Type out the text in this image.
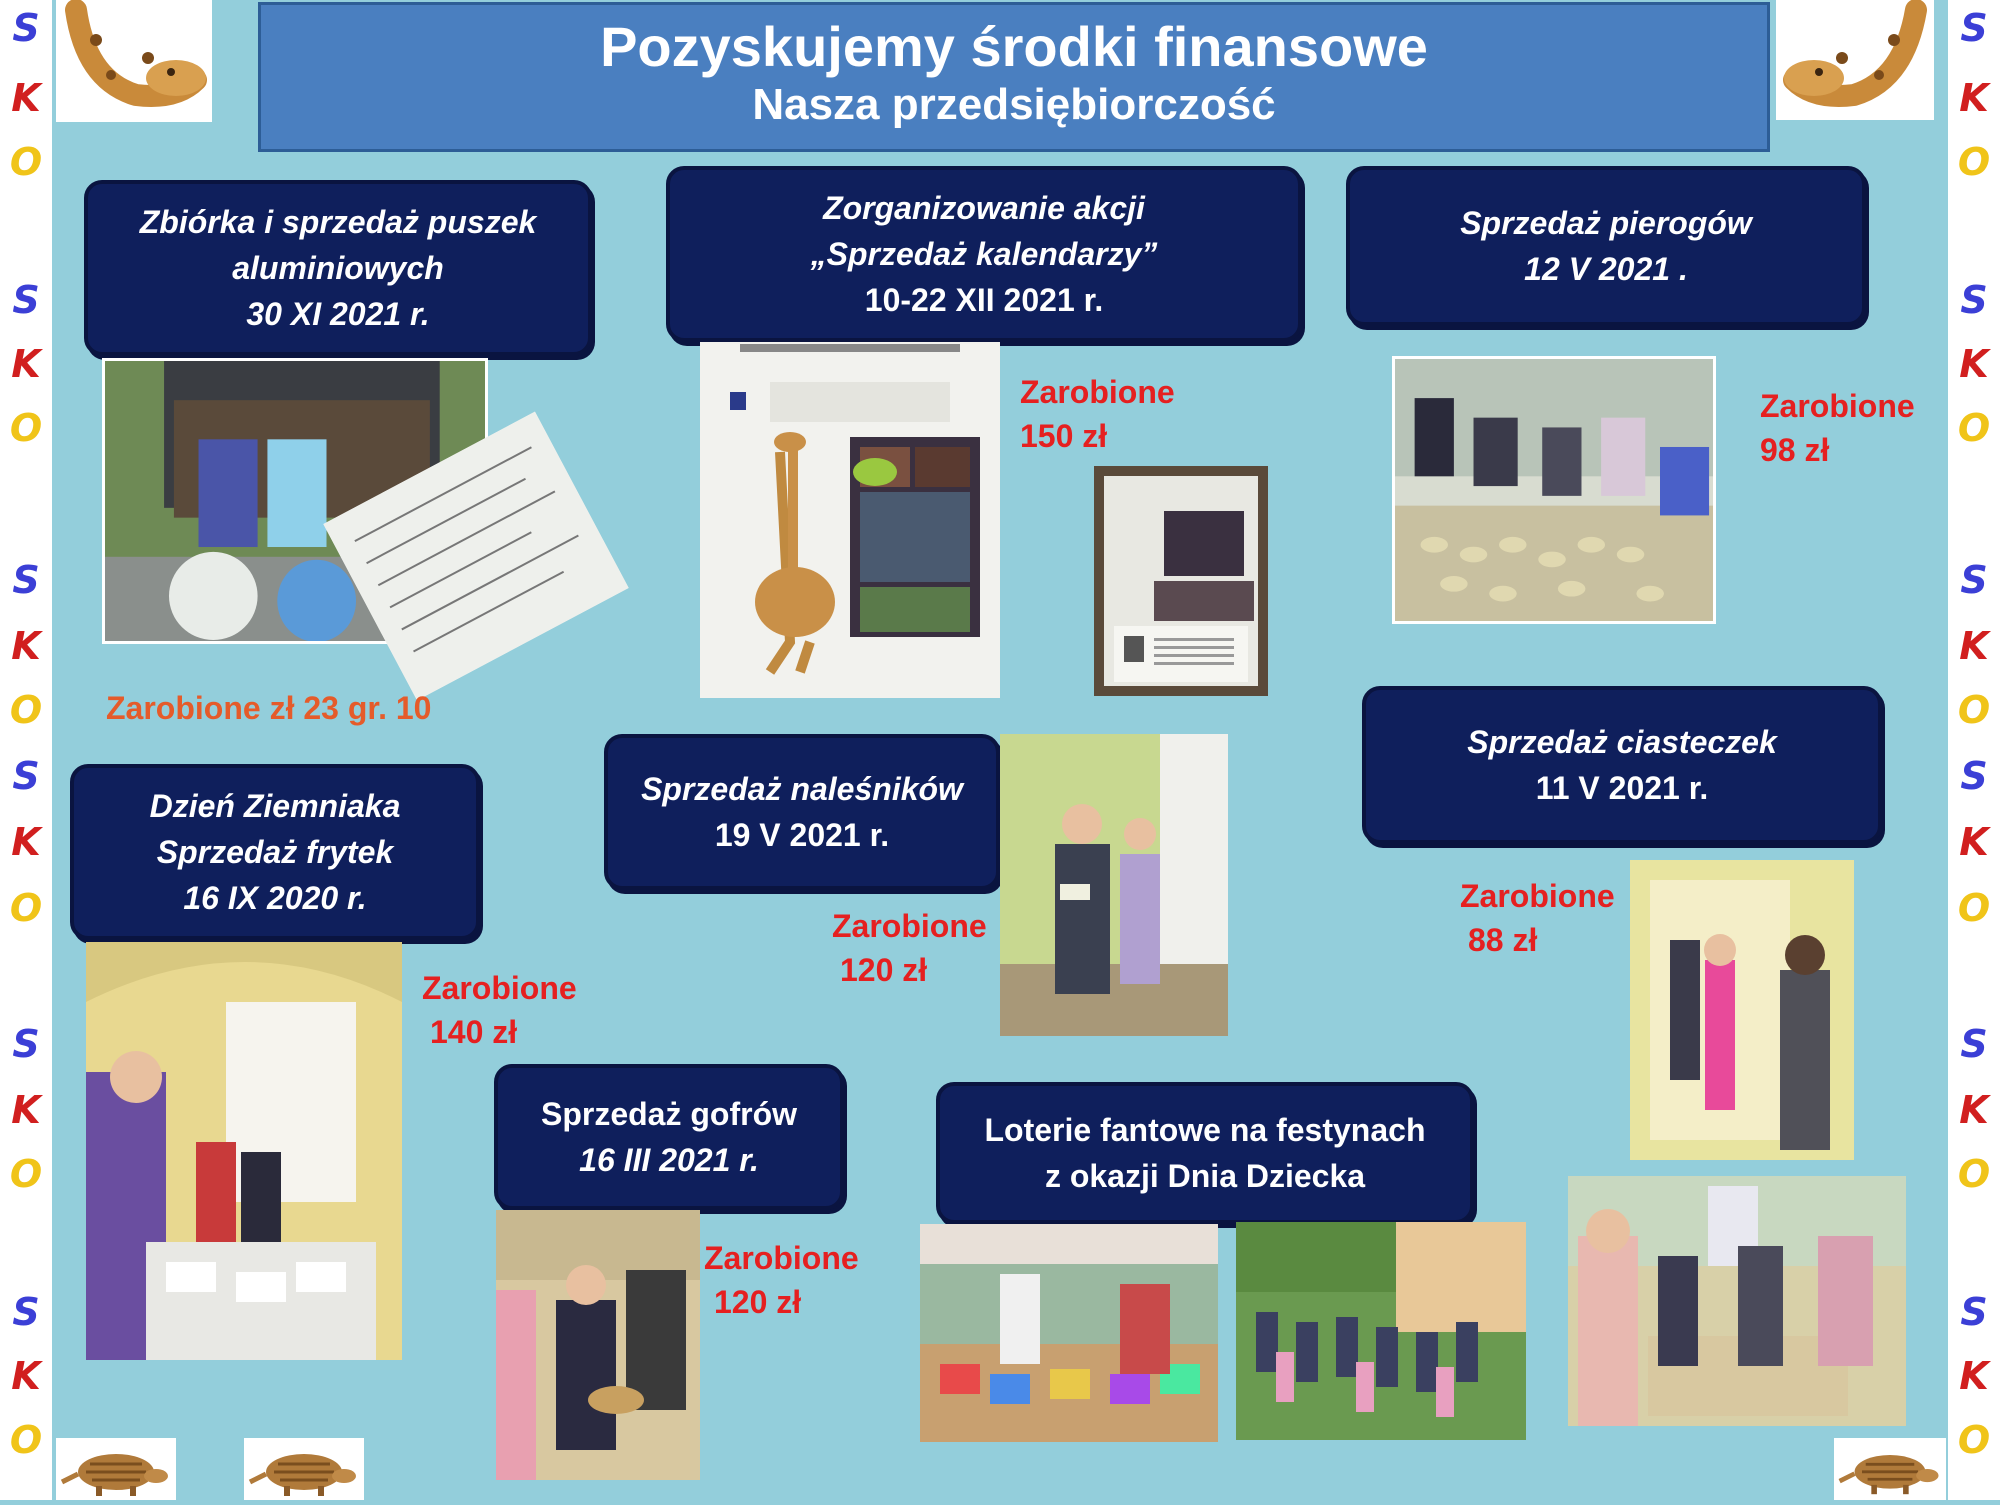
S
K
O
S
K
O
S
K
O
S
K
O
S
K
O
S
K
O
S
K
O
S
K
O
S
K
O
S
K
O
S
K
O
S
K
O
Pozyskujemy środki finansowe
Nasza przedsiębiorczość
Zbiórka i sprzedaż puszek
aluminiowych
30 XI 2021 r.
Zarobione zł 23 gr. 10
Zorganizowanie akcji
„Sprzedaż kalendarzy”
10-22 XII 2021 r.
Zarobione
150 zł
Sprzedaż pierogów
12 V 2021 .
Zarobione
98 zł
Sprzedaż naleśników
19 V 2021 r.
Zarobione
120 zł
Sprzedaż ciasteczek
11 V 2021 r.
Zarobione
88 zł
Dzień Ziemniaka
Sprzedaż frytek
16 IX 2020 r.
Zarobione
140 zł
Sprzedaż gofrów
16 III 2021 r.
Zarobione
120 zł
Loterie fantowe na festynach
z okazji Dnia Dziecka
